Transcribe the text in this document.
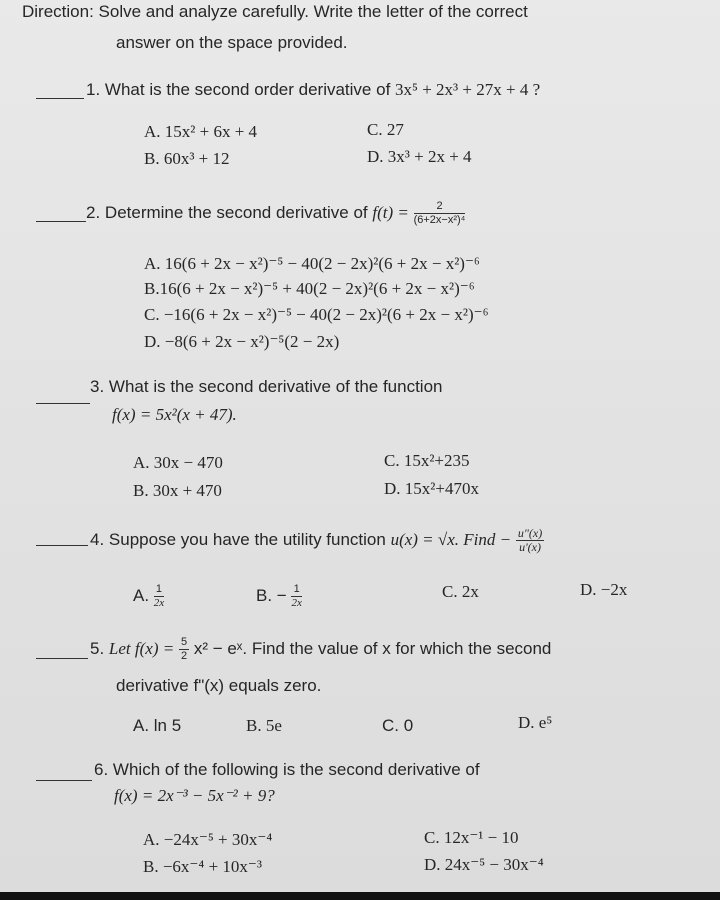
Direction: Solve and analyze carefully. Write the letter of the correct
answer on the space provided.
1. What is the second order derivative of 3x⁵ + 2x³ + 27x + 4 ?
A. 15x² + 6x + 4
B. 60x³ + 12
C. 27
D. 3x³ + 2x + 4
2. Determine the second derivative of $f(t) = \frac{2}{\text{(6+2x−x²)⁴}}$
A. 16(6 + 2x − x²)⁻⁵ − 40(2 − 2x)²(6 + 2x − x²)⁻⁶
B.16(6 + 2x − x²)⁻⁵ + 40(2 − 2x)²(6 + 2x − x²)⁻⁶
C. −16(6 + 2x − x²)⁻⁵ − 40(2 − 2x)²(6 + 2x − x²)⁻⁶
D. −8(6 + 2x − x²)⁻⁵(2 − 2x)
3. What is the second derivative of the function
f(x) = 5x²(x + 47).
A. 30x − 470
B. 30x + 470
C. 15x²+235
D. 15x²+470x
4. Suppose you have the utility function u(x) = √x. Find − $\frac{u"(x)}{u'(x)}$
A. $\frac{1}{2x}$	B. − $\frac{1}{2x}$	C. 2x	D. −2x
5. Let $f(x) = \frac{5}{2} x^2$ − eˣ. Find the value of x for which the second
derivative f"(x) equals zero.
A. ln 5	B. 5e	C. 0	D. e⁵
6. Which of the following is the second derivative of
f(x) = 2x⁻³ − 5x⁻² + 9?
A. −24x⁻⁵ + 30x⁻⁴
B. −6x⁻⁴ + 10x⁻³
C. 12x⁻¹ − 10
D. 24x⁻⁵ − 30x⁻⁴
